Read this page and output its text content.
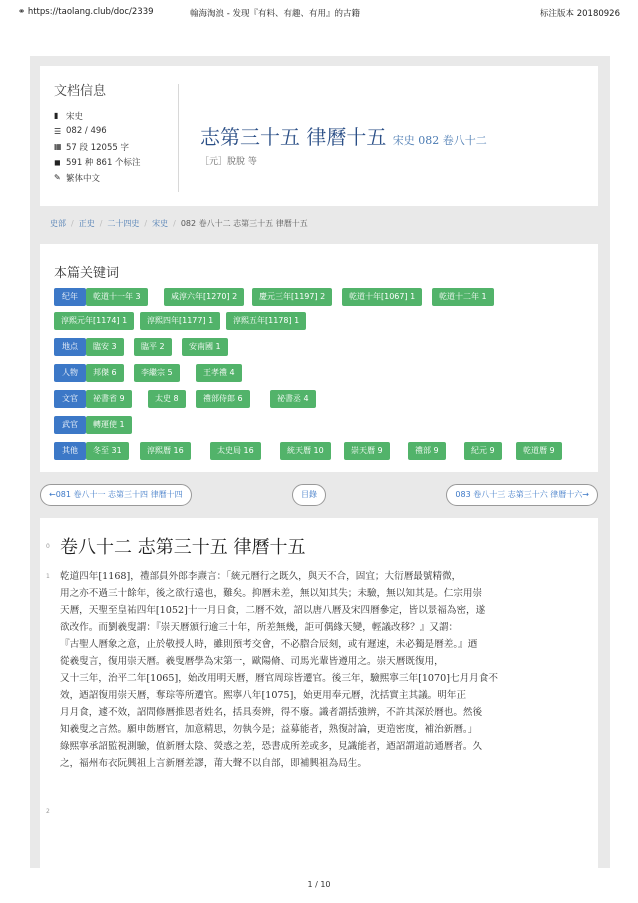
⚭ https://taolang.club/doc/2339	翰海淘浪 - 发现『有料、有趣、有用』的古籍	标注版本 20180926
文档信息
▮ 宋史
☰ 082 / 496
▦ 57 段 12055 字
◼ 591 种 861 个标注
✎ 繁体中文
志第三十五 律曆十五 宋史 082 卷八十二
［元］脫脫 等
史部 / 正史 / 二十四史 / 宋史 / 082 卷八十二 志第三十五 律曆十五
本篇关键词
纪年	乾道十一年 3	咸淳六年[1270] 2	慶元三年[1197] 2	乾道十年[1067] 1	乾道十二年 1
淳熙元年[1174] 1	淳熙四年[1177] 1	淳熙五年[1178] 1
地点	臨安 3	臨平 2	安南國 1
人物	邦傑 6	李繼宗 5	王孝禮 4
文官	祕書省 9	太史 8	禮部侍郎 6	祕書丞 4
武官	轉運使 1
其他	冬至 31	淳熙曆 16	太史局 16	統天曆 10	崇天曆 9	禮部 9	紀元 9	乾道曆 9
←081 卷八十一 志第三十四 律曆十四	目錄	083 卷八十三 志第三十六 律曆十六→
0 卷八十二 志第三十五 律曆十五
1 乾道四年[1168]，禮部員外郎李燾言：「統元曆行之既久，與天不合，固宜；大衍曆最號精微，

用之亦不過三十餘年，後之欲行遠也，難矣。抑曆未差，無以知其失；未驗，無以知其是。仁宗用崇

天曆，天聖至皇祐四年[1052]十一月日食，二曆不效，詔以唐八曆及宋四曆參定，皆以景福為密，遂

欲改作。而劉羲叟謂：『崇天曆頒行逾三十年，所差無幾，詎可偶緣天變，輕議改移？』又謂：

『古聖人曆象之意，止於敬授人時，雖則預考交會，不必脗合辰刻，或有遲速，未必獨是曆差。』迺

從羲叟言，復用崇天曆。羲叟曆學為宋第一，歐陽脩、司馬光輩皆遵用之。崇天曆既復用，

又十三年，治平二年[1065]，始改用明天曆，曆官周琮皆遷官。後三年，驗熙寧三年[1070]七月月食不

效，迺詔復用崇天曆，奪琮等所遷官。熙寧八年[1075]，始更用奉元曆，沈括實主其議。明年正

月月食，遽不效，詔問修曆推恩者姓名，括具奏辨，得不廢。識者謂括強辨，不許其深於曆也。然後

知羲叟之言然。願申飭曆官，加意精思，勿執今是；益募能者，熟復討論，更造密度，補治新曆。」

綠熙寧承詔監視測驗，值新曆太陰、熒惑之差，恐書成所差或多，見識能者，迺詔謂道訪通曆者。久

之，福州布衣阮興祖上言新曆差謬，莆大聲不以自部，即補興祖為局生。

2
1 / 10
